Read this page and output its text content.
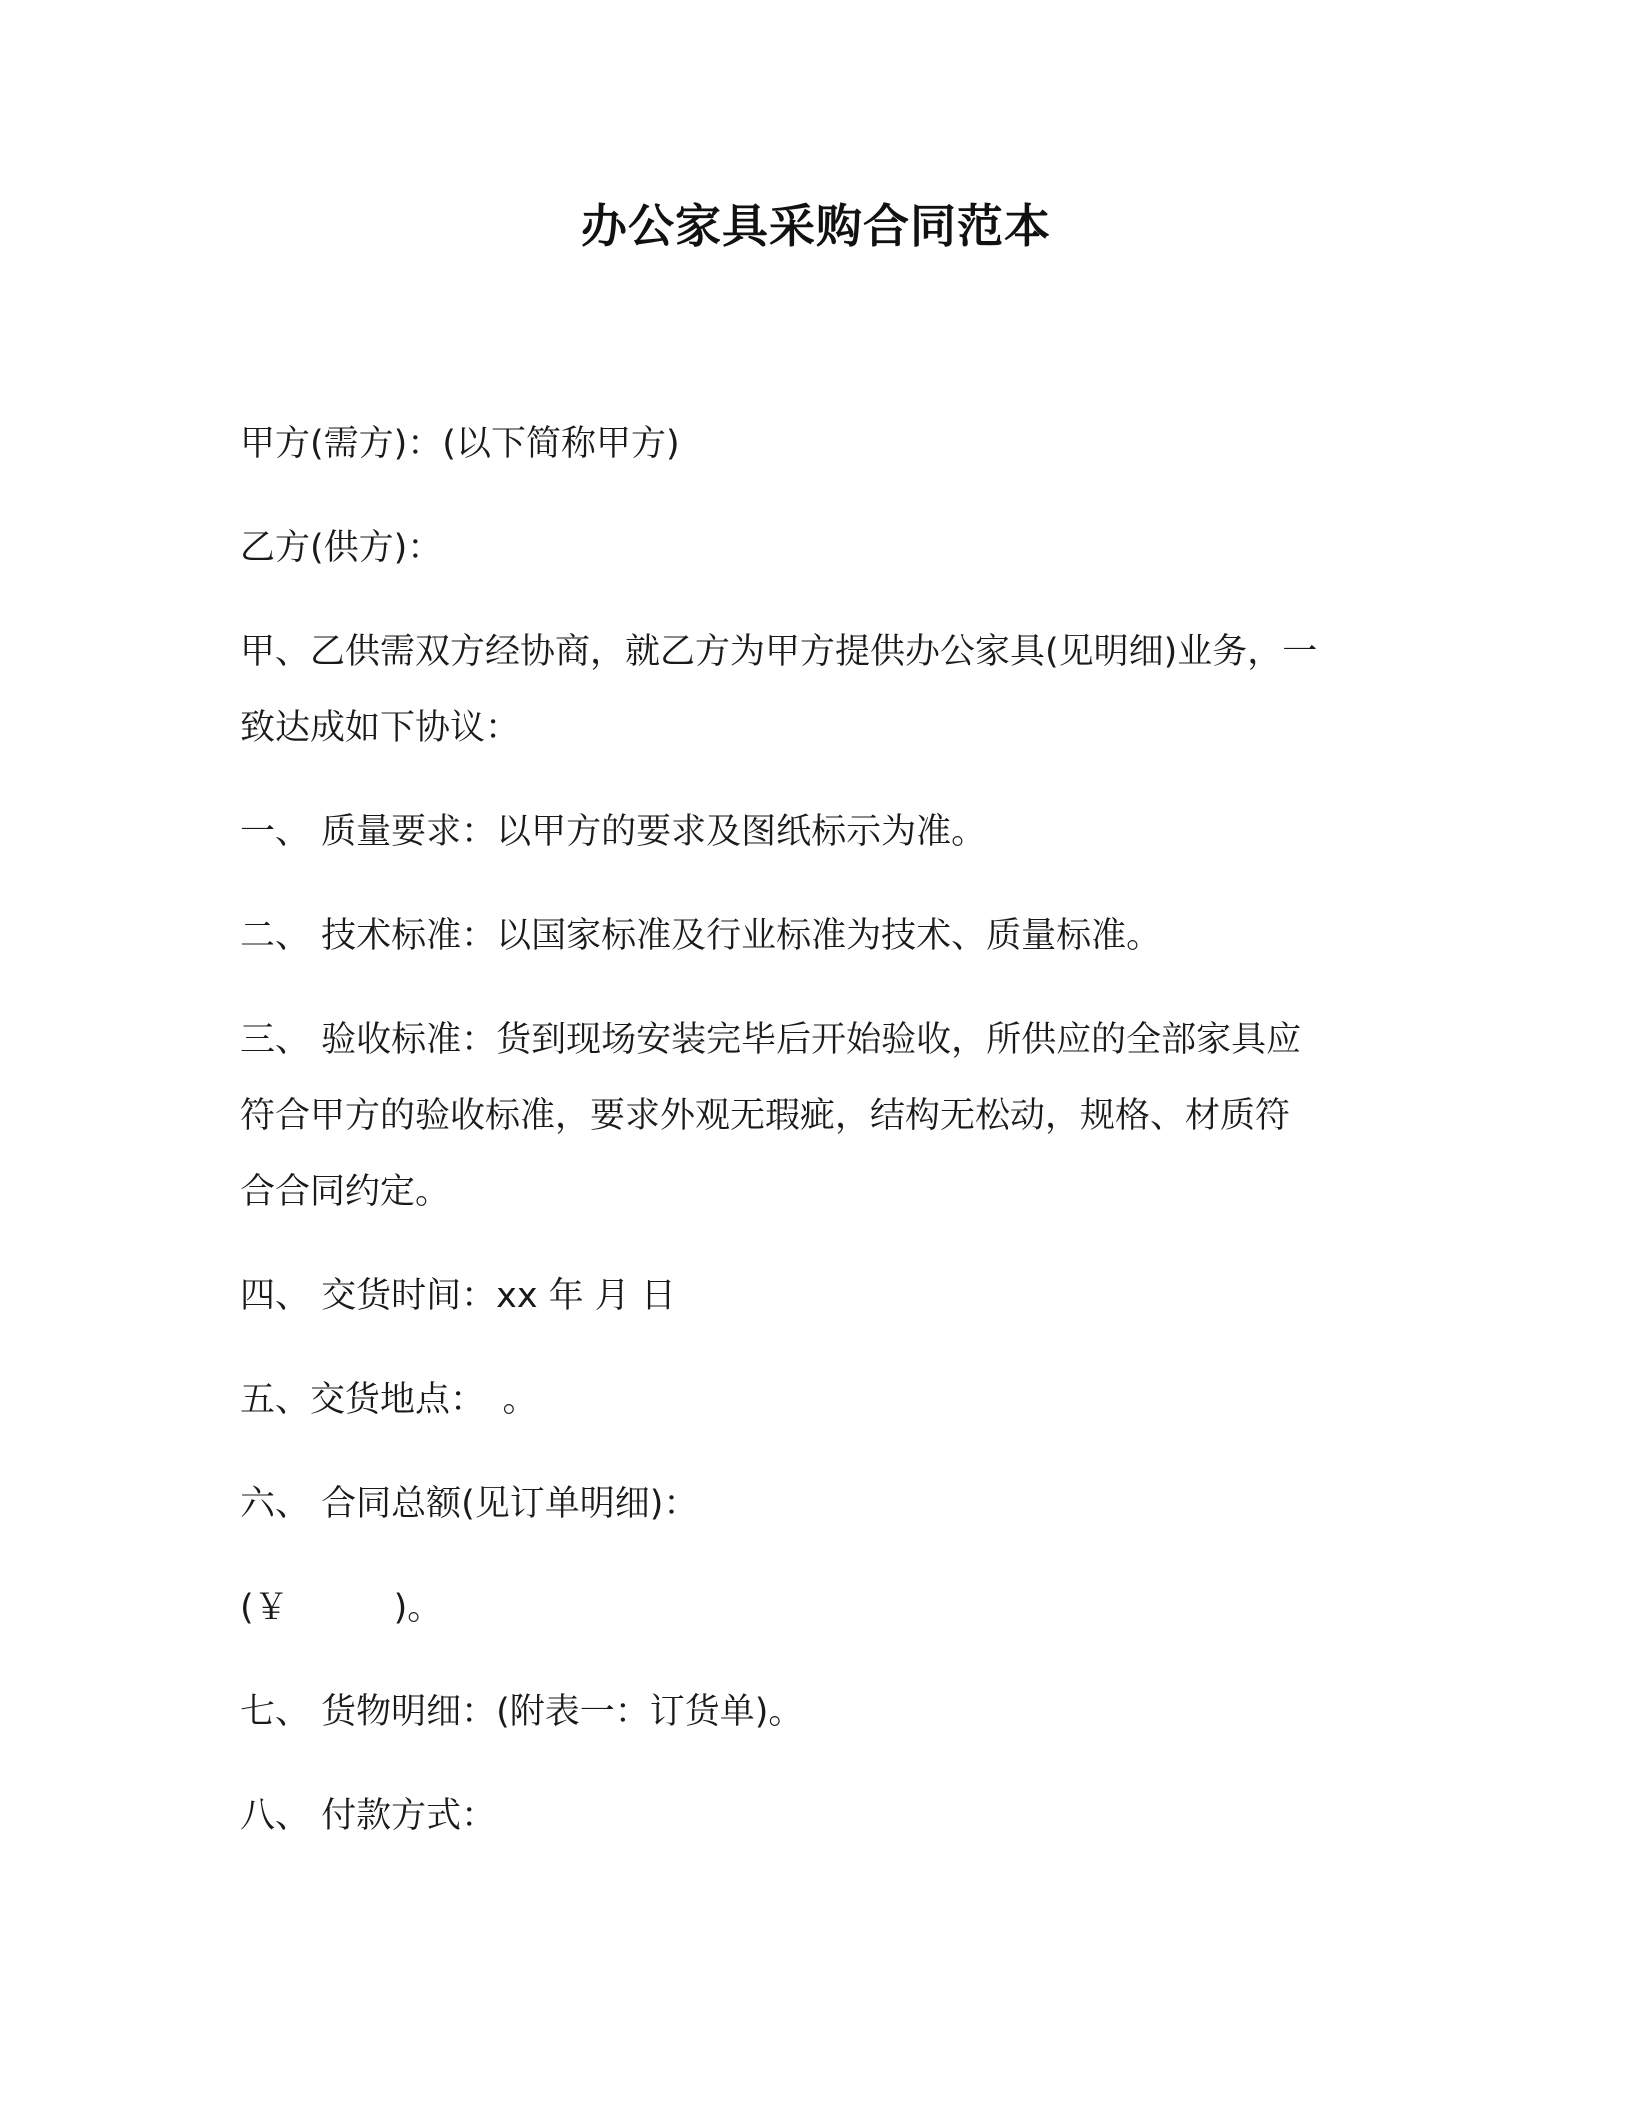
办公家具采购合同范本
甲方(需方)：(以下简称甲方)
乙方(供方)：
甲、乙供需双方经协商，就乙方为甲方提供办公家具(见明细)业务，一
致达成如下协议：
一、 质量要求：以甲方的要求及图纸标示为准。
二、 技术标准：以国家标准及行业标准为技术、质量标准。
三、 验收标准：货到现场安装完毕后开始验收，所供应的全部家具应
符合甲方的验收标准，要求外观无瑕疵，结构无松动，规格、材质符
合合同约定。
四、 交货时间：xx 年 月 日
五、交货地点：　。
六、 合同总额(见订单明细)：
(￥　　　)。
七、 货物明细：(附表一：订货单)。
八、 付款方式：
